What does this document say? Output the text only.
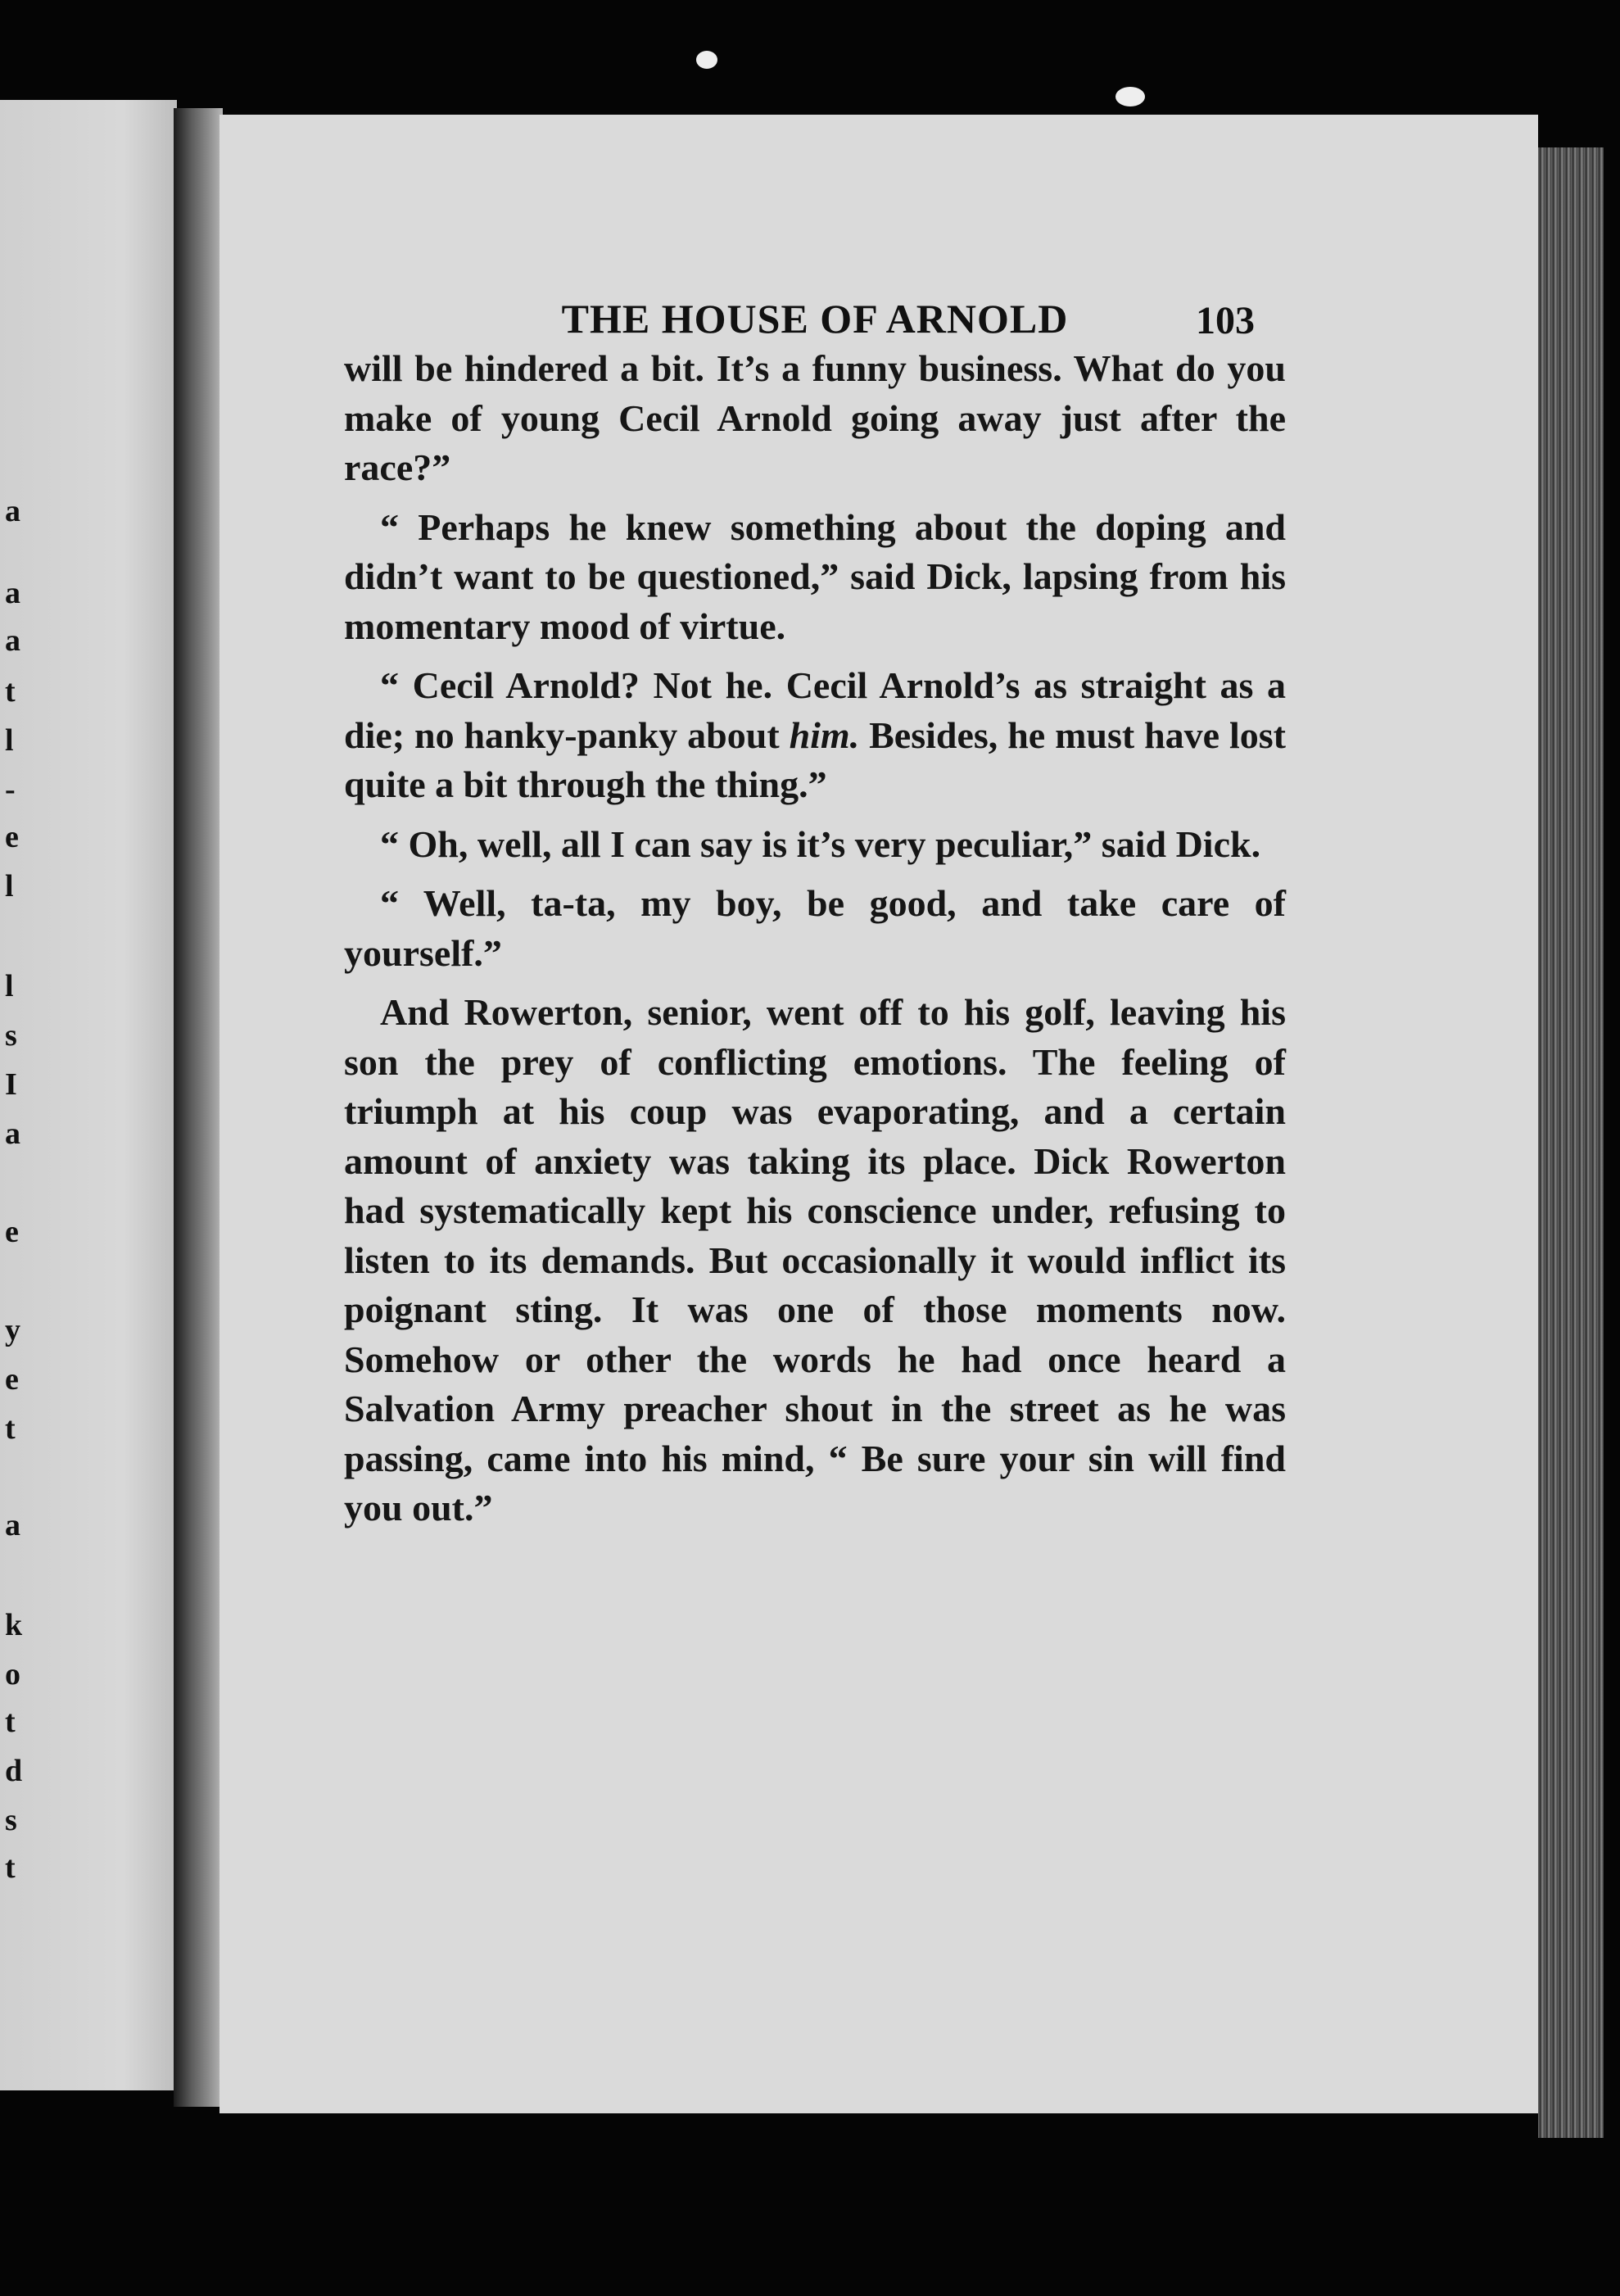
a
a
a
t
l
-
e
l
l
s
I
a
e
y
e
t
a
k
o
t
d
s
t
THE HOUSE OF ARNOLD	103

will be hindered a bit. It’s a funny business. What do you make of young Cecil Arnold going away just after the race?”

“ Perhaps he knew something about the doping and didn’t want to be questioned,” said Dick, lapsing from his momentary mood of virtue.

“ Cecil Arnold? Not he. Cecil Arnold’s as straight as a die; no hanky-panky about him. Besides, he must have lost quite a bit through the thing.”

“ Oh, well, all I can say is it’s very peculiar,” said Dick.

“ Well, ta-ta, my boy, be good, and take care of yourself.”

And Rowerton, senior, went off to his golf, leaving his son the prey of conflicting emotions. The feeling of triumph at his coup was evaporating, and a certain amount of anxiety was taking its place. Dick Rowerton had systematically kept his conscience under, refusing to listen to its demands. But occasionally it would inflict its poignant sting. It was one of those moments now. Somehow or other the words he had once heard a Salvation Army preacher shout in the street as he was passing, came into his mind, “ Be sure your sin will find you out.”
